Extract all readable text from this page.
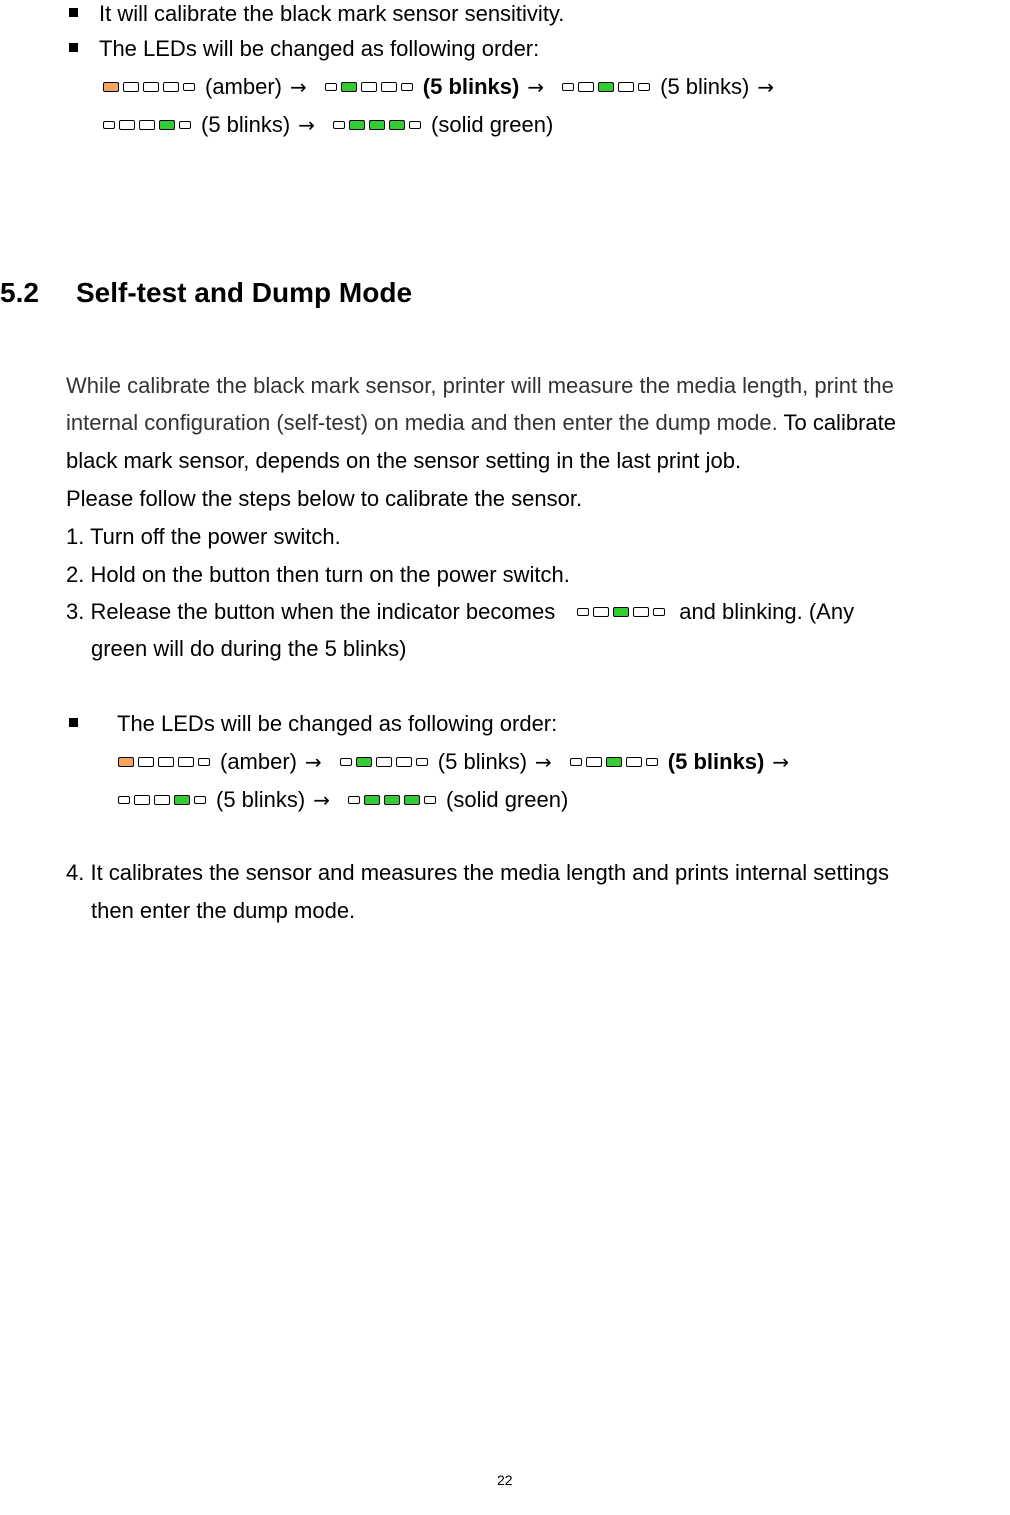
It will calibrate the black mark sensor sensitivity.
The LEDs will be changed as following order:
(amber) →	(5 blinks) →	(5 blinks) →
(5 blinks) →	(solid green)
5.2 Self-test and Dump Mode
While calibrate the black mark sensor, printer will measure the media length, print the
internal configuration (self-test) on media and then enter the dump mode. To calibrate
black mark sensor, depends on the sensor setting in the last print job.
Please follow the steps below to calibrate the sensor.
1. Turn off the power switch.
2. Hold on the button then turn on the power switch.
3. Release the button when the indicator becomes	and blinking. (Any
green will do during the 5 blinks)
The LEDs will be changed as following order:
(amber) →	(5 blinks) →	(5 blinks) →
(5 blinks) →	(solid green)
4. It calibrates the sensor and measures the media length and prints internal settings
then enter the dump mode.
22
